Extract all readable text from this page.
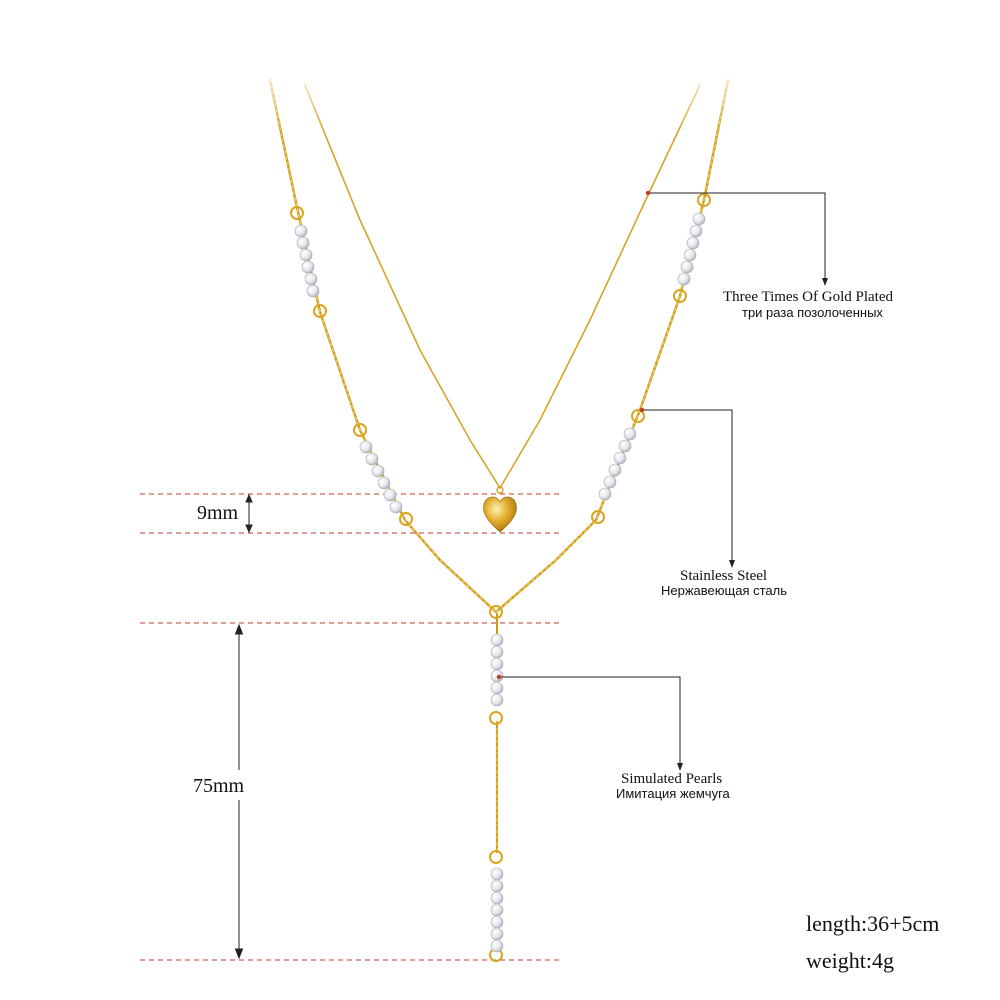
9mm
75mm
Three Times Of Gold Plated
три раза позолоченных
Stainless Steel
Нержавеющая сталь
Simulated Pearls
Имитация жемчуга
length:36+5cm
weight:4g
